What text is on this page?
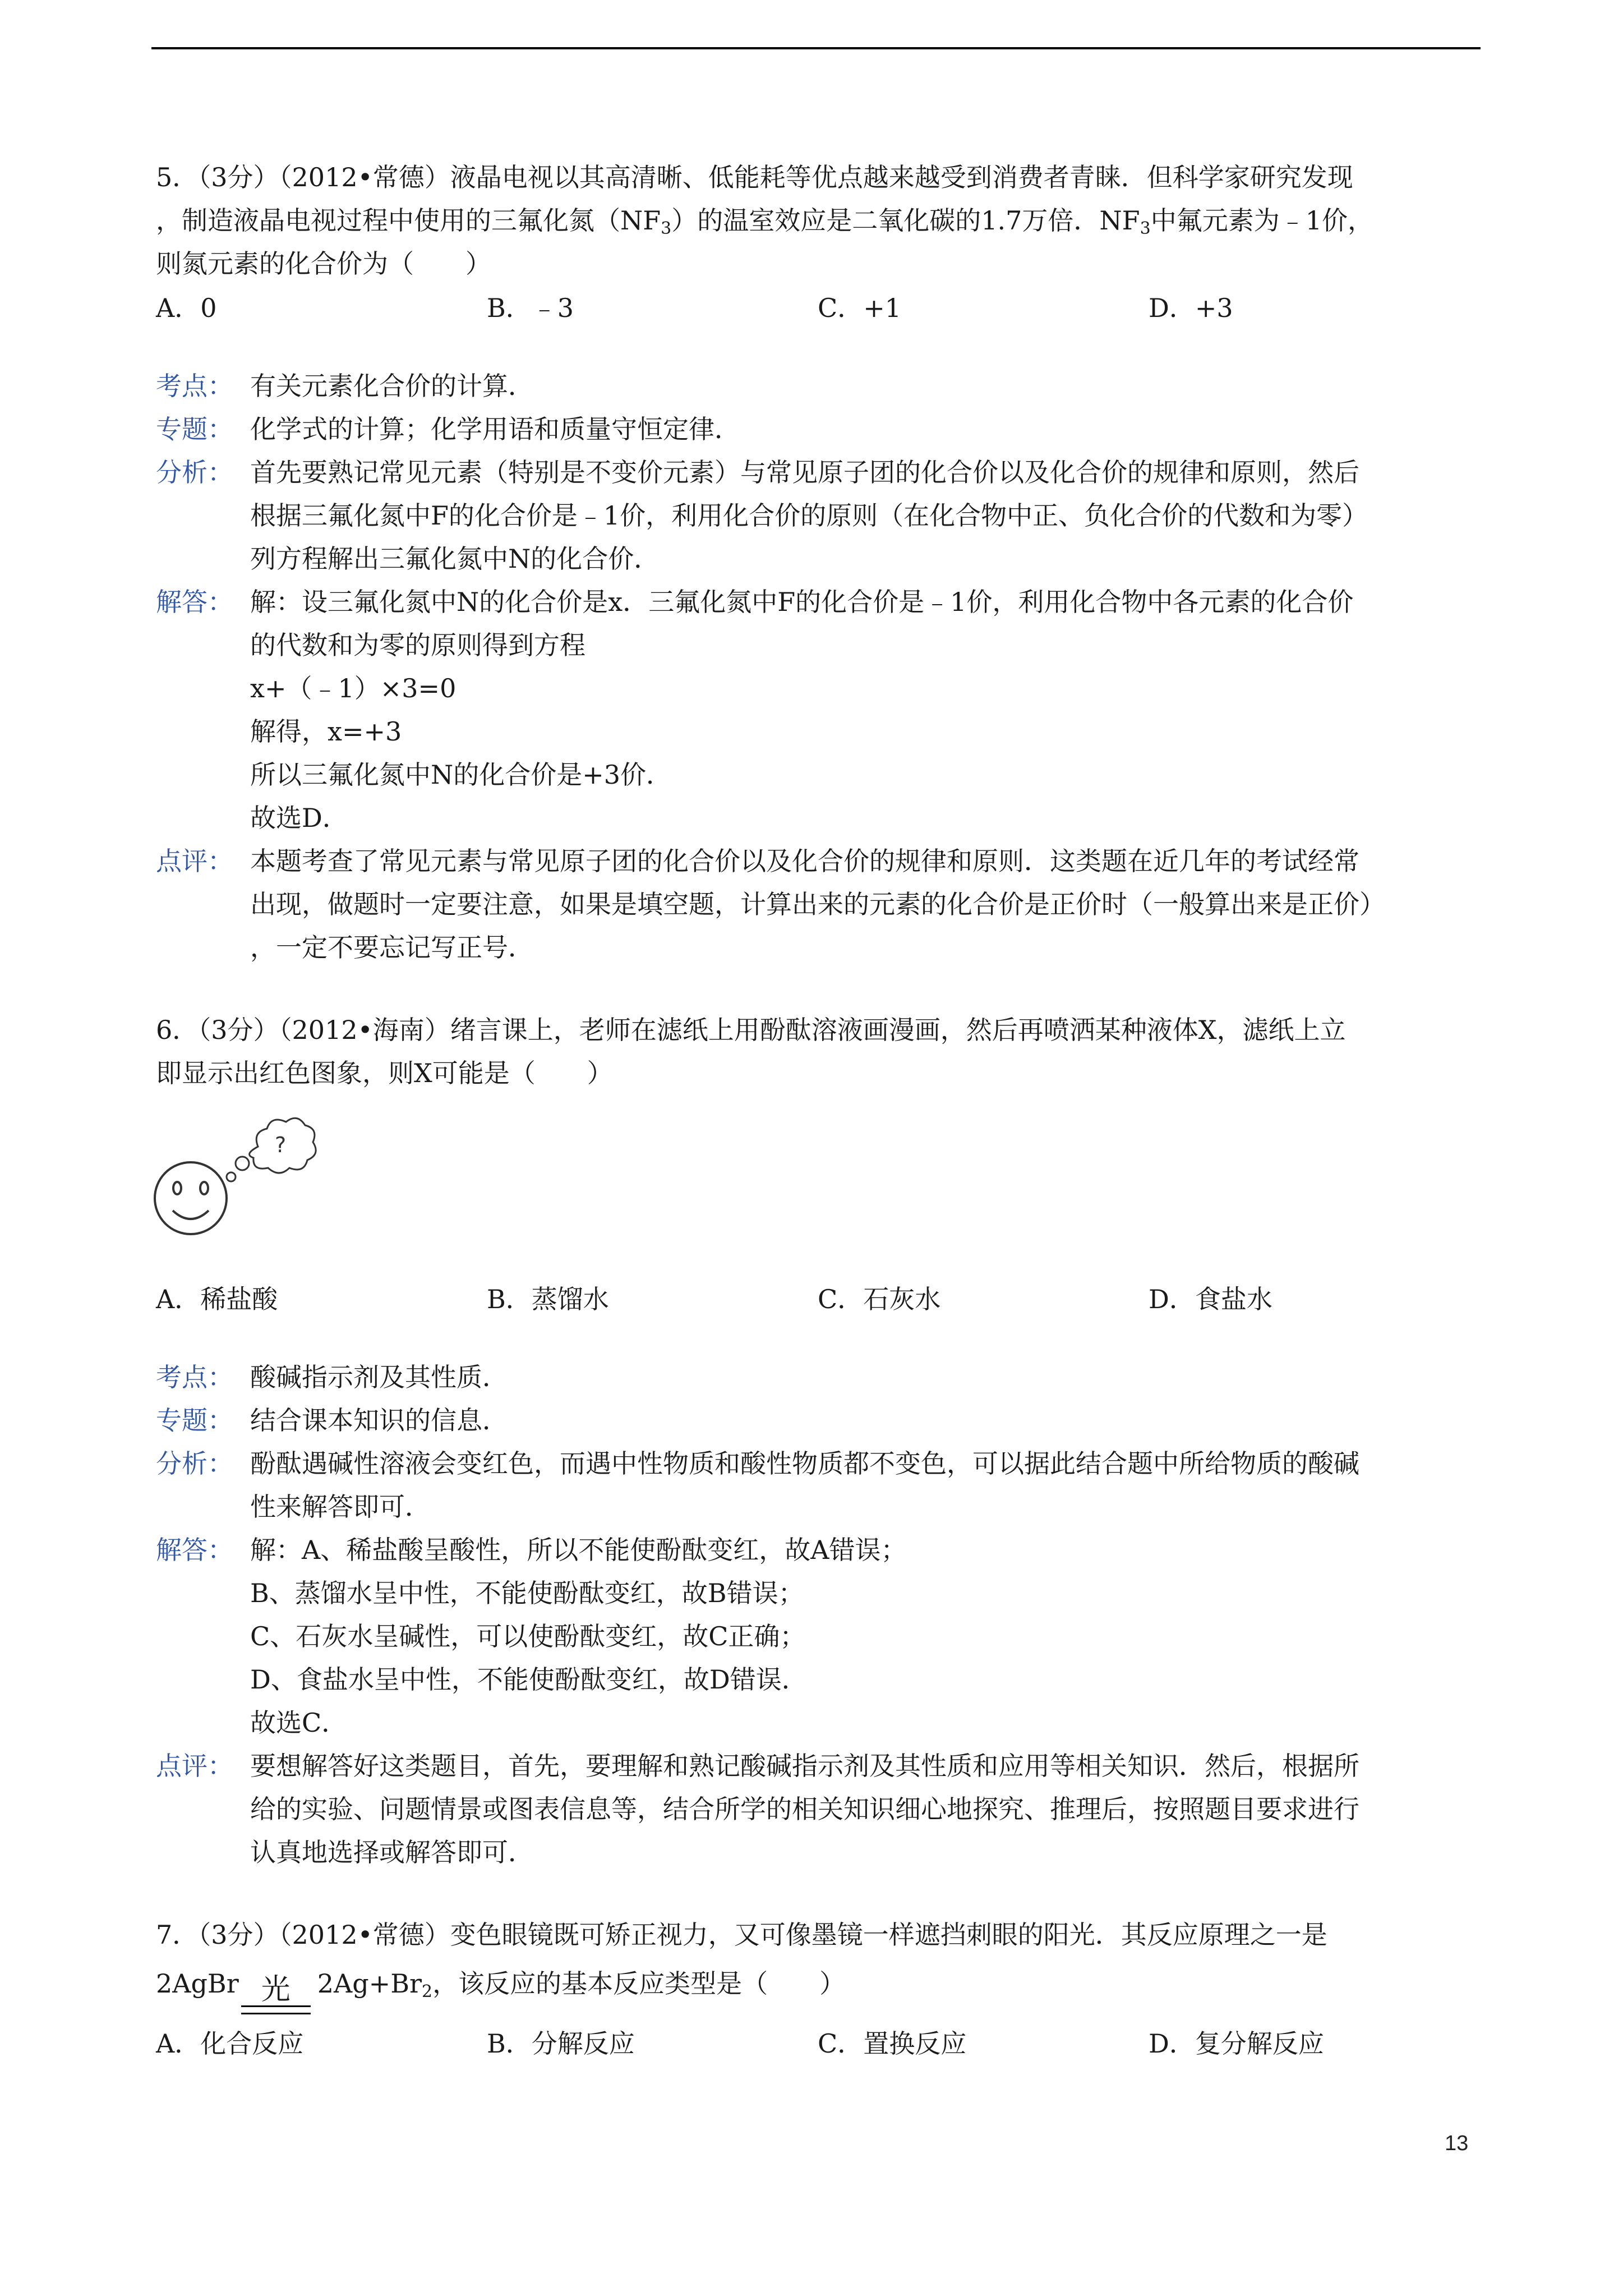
5．（3分）（2012•常德）液晶电视以其高清晰、低能耗等优点越来越受到消费者青睐．但科学家研究发现
，制造液晶电视过程中使用的三氟化氮$(NF_3)$的温室效应是二氧化碳的1.7万倍．$NF_3$中氟元素为﹣1价，
则氮元素的化合价为（　　）
A．0	B．﹣3	C．+1	D．+3
考点： 有关元素化合价的计算．
专题： 化学式的计算；化学用语和质量守恒定律．
分析： 首先要熟记常见元素（特别是不变价元素）与常见原子团的化合价以及化合价的规律和原则，然后
根据三氟化氮中F的化合价是﹣1价，利用化合价的原则（在化合物中正、负化合价的代数和为零）
列方程解出三氟化氮中N的化合价．
解答： 解：设三氟化氮中N的化合价是x．三氟化氮中F的化合价是﹣1价，利用化合物中各元素的化合价
的代数和为零的原则得到方程
x+（﹣1）×3=0
解得，x=+3
所以三氟化氮中N的化合价是+3价．
故选D．
点评： 本题考查了常见元素与常见原子团的化合价以及化合价的规律和原则．这类题在近几年的考试经常
出现，做题时一定要注意，如果是填空题，计算出来的元素的化合价是正价时（一般算出来是正价）
，一定不要忘记写正号．
6．（3分）（2012•海南）绪言课上，老师在滤纸上用酚酞溶液画漫画，然后再喷洒某种液体X，滤纸上立
即显示出红色图象，则X可能是（　　）
?
A．稀盐酸	B．蒸馏水	C．石灰水	D．食盐水
考点： 酸碱指示剂及其性质．
专题： 结合课本知识的信息．
分析： 酚酞遇碱性溶液会变红色，而遇中性物质和酸性物质都不变色，可以据此结合题中所给物质的酸碱
性来解答即可．
解答： 解：A、稀盐酸呈酸性，所以不能使酚酞变红，故A错误；
B、蒸馏水呈中性，不能使酚酞变红，故B错误；
C、石灰水呈碱性，可以使酚酞变红，故C正确；
D、食盐水呈中性，不能使酚酞变红，故D错误．
故选C．
点评： 要想解答好这类题目，首先，要理解和熟记酸碱指示剂及其性质和应用等相关知识．然后，根据所
给的实验、问题情景或图表信息等，结合所学的相关知识细心地探究、推理后，按照题目要求进行
认真地选择或解答即可．
7．（3分）（2012•常德）变色眼镜既可矫正视力，又可像墨镜一样遮挡刺眼的阳光．其反应原理之一是
2AgBr 光 $2Ag+Br_2$，该反应的基本反应类型是（　　）
A．化合反应	B．分解反应	C．置换反应	D．复分解反应
13
